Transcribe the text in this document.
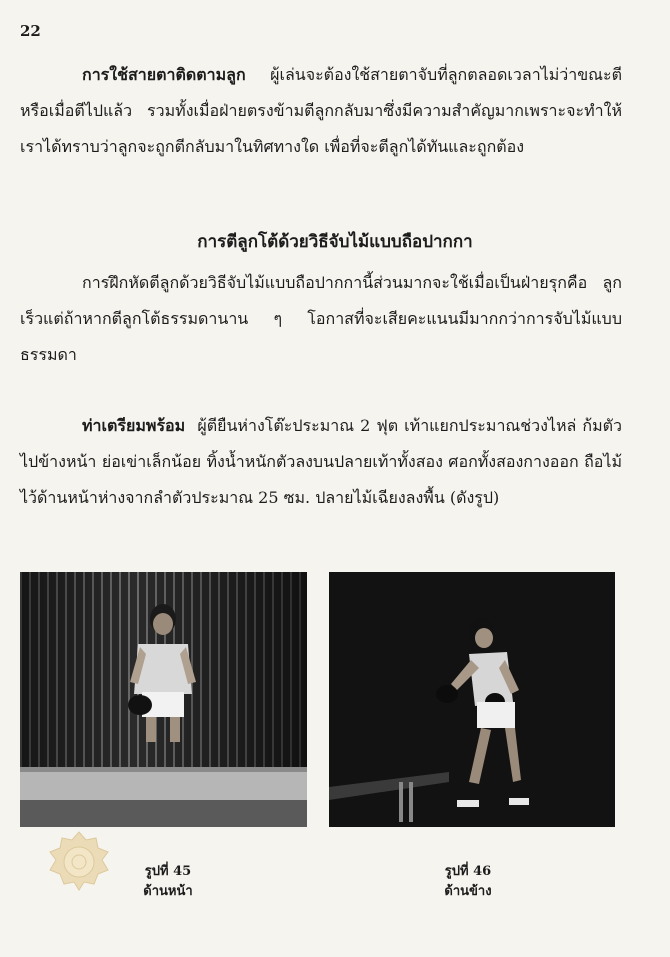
22
การใช้สายตาติดตามลูก ผู้เล่นจะต้องใช้สายตาจับที่ลูกตลอดเวลาไม่ว่าขณะตีหรือเมื่อตีไปแล้ว รวมทั้งเมื่อฝ่ายตรงข้ามตีลูกกลับมาซึ่งมีความสำคัญมากเพราะจะทำให้เราได้ทราบว่าลูกจะถูกตีกลับมาในทิศทางใด เพื่อที่จะตีลูกได้ทันและถูกต้อง
การตีลูกโต้ด้วยวิธีจับไม้แบบถือปากกา
การฝึกหัดตีลูกด้วยวิธีจับไม้แบบถือปากกานี้ส่วนมากจะใช้เมื่อเป็นฝ่ายรุกคือ ลูกเร็วแต่ถ้าหากตีลูกโต้ธรรมดานาน ๆ โอกาสที่จะเสียคะแนนมีมากกว่าการจับไม้แบบธรรมดา
ท่าเตรียมพร้อม ผู้ตียืนห่างโต๊ะประมาณ 2 ฟุต เท้าแยกประมาณช่วงไหล่ ก้มตัวไปข้างหน้า ย่อเข่าเล็กน้อย ทิ้งน้ำหนักตัวลงบนปลายเท้าทั้งสอง ศอกทั้งสองกางออก ถือไม้ไว้ด้านหน้าห่างจากลำตัวประมาณ 25 ซม. ปลายไม้เฉียงลงพื้น (ดังรูป)
รูปที่ 45
ด้านหน้า
รูปที่ 46
ด้านข้าง
